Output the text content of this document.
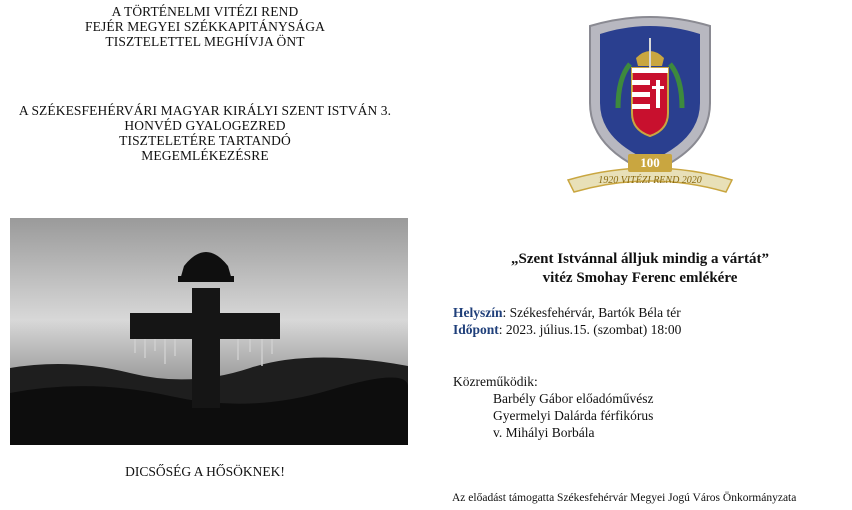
A TÖRTÉNELMI VITÉZI REND
FEJÉR MEGYEI SZÉKKAPITÁNYSÁGA
TISZTELETTEL MEGHÍVJA ÖNT
A SZÉKESFEHÉRVÁRI MAGYAR KIRÁLYI SZENT ISTVÁN 3.
HONVÉD GYALOGEZRED
TISZTELETÉRE TARTANDÓ
MEGEMLÉKEZÉSRE
DICSŐSÉG A HŐSÖKNEK!
100
1920 VITÉZI REND 2020
„Szent Istvánnal álljuk mindig a vártát”
vitéz Smohay Ferenc emlékére
Helyszín: Székesfehérvár, Bartók Béla tér
Időpont: 2023. július.15. (szombat) 18:00
Közreműködik:
Barbély Gábor előadóművész
Gyermelyi Dalárda férfikórus
v. Mihályi Borbála
Az előadást támogatta Székesfehérvár Megyei Jogú Város Önkormányzata
